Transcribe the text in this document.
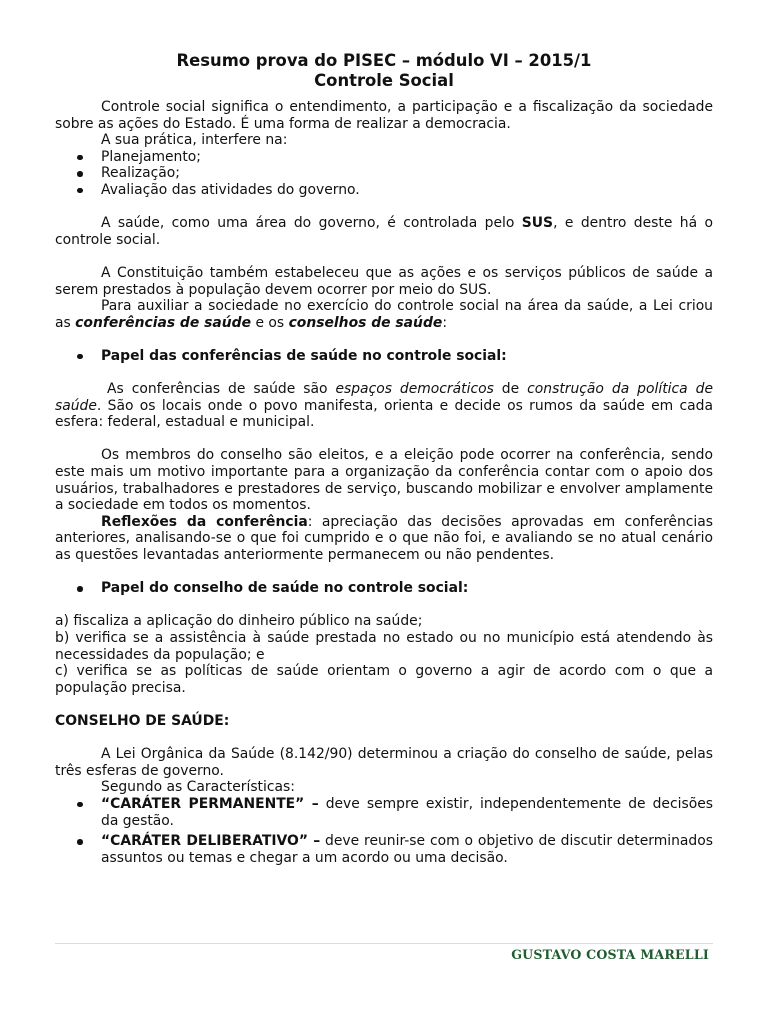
Resumo prova do PISEC – módulo VI – 2015/1
Controle Social

Controle social significa o entendimento, a participação e a fiscalização da sociedade sobre as ações do Estado. É uma forma de realizar a democracia.

A sua prática, interfere na:

Planejamento;
Realização;
Avaliação das atividades do governo.

A saúde, como uma área do governo, é controlada pelo SUS, e dentro deste há o controle social.

A Constituição também estabeleceu que as ações e os serviços públicos de saúde a serem prestados à população devem ocorrer por meio do SUS.

Para auxiliar a sociedade no exercício do controle social na área da saúde, a Lei criou as conferências de saúde e os conselhos de saúde:

Papel das conferências de saúde no controle social:

As conferências de saúde são espaços democráticos de construção da política de saúde. São os locais onde o povo manifesta, orienta e decide os rumos da saúde em cada esfera: federal, estadual e municipal.

Os membros do conselho são eleitos, e a eleição pode ocorrer na conferência, sendo este mais um motivo importante para a organização da conferência contar com o apoio dos usuários, trabalhadores e prestadores de serviço, buscando mobilizar e envolver amplamente a sociedade em todos os momentos.

Reflexões da conferência: apreciação das decisões aprovadas em conferências anteriores, analisando-se o que foi cumprido e o que não foi, e avaliando se no atual cenário as questões levantadas anteriormente permanecem ou não pendentes.

Papel do conselho de saúde no controle social:

a) fiscaliza a aplicação do dinheiro público na saúde;

b) verifica se a assistência à saúde prestada no estado ou no município está atendendo às necessidades da população; e

c) verifica se as políticas de saúde orientam o governo a agir de acordo com o que a população precisa.

CONSELHO DE SAÚDE:

A Lei Orgânica da Saúde (8.142/90) determinou a criação do conselho de saúde, pelas três esferas de governo.

Segundo as Características:

“CARÁTER PERMANENTE” – deve sempre existir, independentemente de decisões da gestão.
“CARÁTER DELIBERATIVO” – deve reunir-se com o objetivo de discutir determinados assuntos ou temas e chegar a um acordo ou uma decisão.
GUSTAVO COSTA MARELLI
